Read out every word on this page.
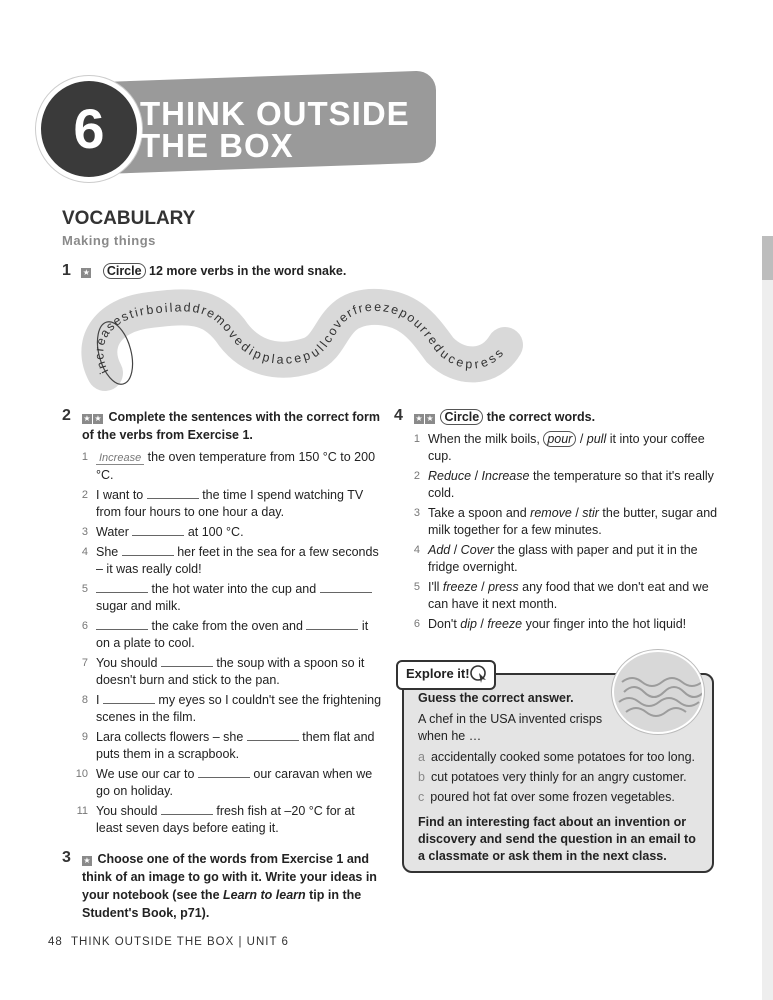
6	THINK OUTSIDE
THE BOX
VOCABULARY
Making things
1 ★ Circle 12 more verbs in the word snake.
increasestirboiladdremovedipplacepullcoverfreezepourreducepress
2 ★ ★ Complete the sentences with the correct form of the verbs from Exercise 1.
1 Increase the oven temperature from 150 °C to 200 °C.
2 I want to	the time I spend watching TV from four hours to one hour a day.
3 Water	at 100 °C.
4 She	her feet in the sea for a few seconds – it was really cold!
5	the hot water into the cup and  sugar and milk.
6	the cake from the oven and	it on a plate to cool.
7 You should	the soup with a spoon so it doesn't burn and stick to the pan.
8 I	my eyes so I couldn't see the frightening scenes in the film.
9 Lara collects flowers – she	them flat and puts them in a scrapbook.
10 We use our car to	our caravan when we go on holiday.
11 You should	fresh fish at –20 °C for at least seven days before eating it.
3 ★ Choose one of the words from Exercise 1 and think of an image to go with it. Write your ideas in your notebook (see the Learn to learn tip in the Student's Book, p71).
4 ★ ★ Circle the correct words.
1 When the milk boils, pour / pull it into your coffee cup.
2 Reduce / Increase the temperature so that it's really cold.
3 Take a spoon and remove / stir the butter, sugar and milk together for a few minutes.
4 Add / Cover the glass with paper and put it in the fridge overnight.
5 I'll freeze / press any food that we don't eat and we can have it next month.
6 Don't dip / freeze your finger into the hot liquid!
Explore it!
Guess the correct answer.
A chef in the USA invented crisps when he …
a accidentally cooked some potatoes for too long.
b cut potatoes very thinly for an angry customer.
c poured hot fat over some frozen vegetables.
Find an interesting fact about an invention or discovery and send the question in an email to a classmate or ask them in the next class.
48 THINK OUTSIDE THE BOX | UNIT 6
